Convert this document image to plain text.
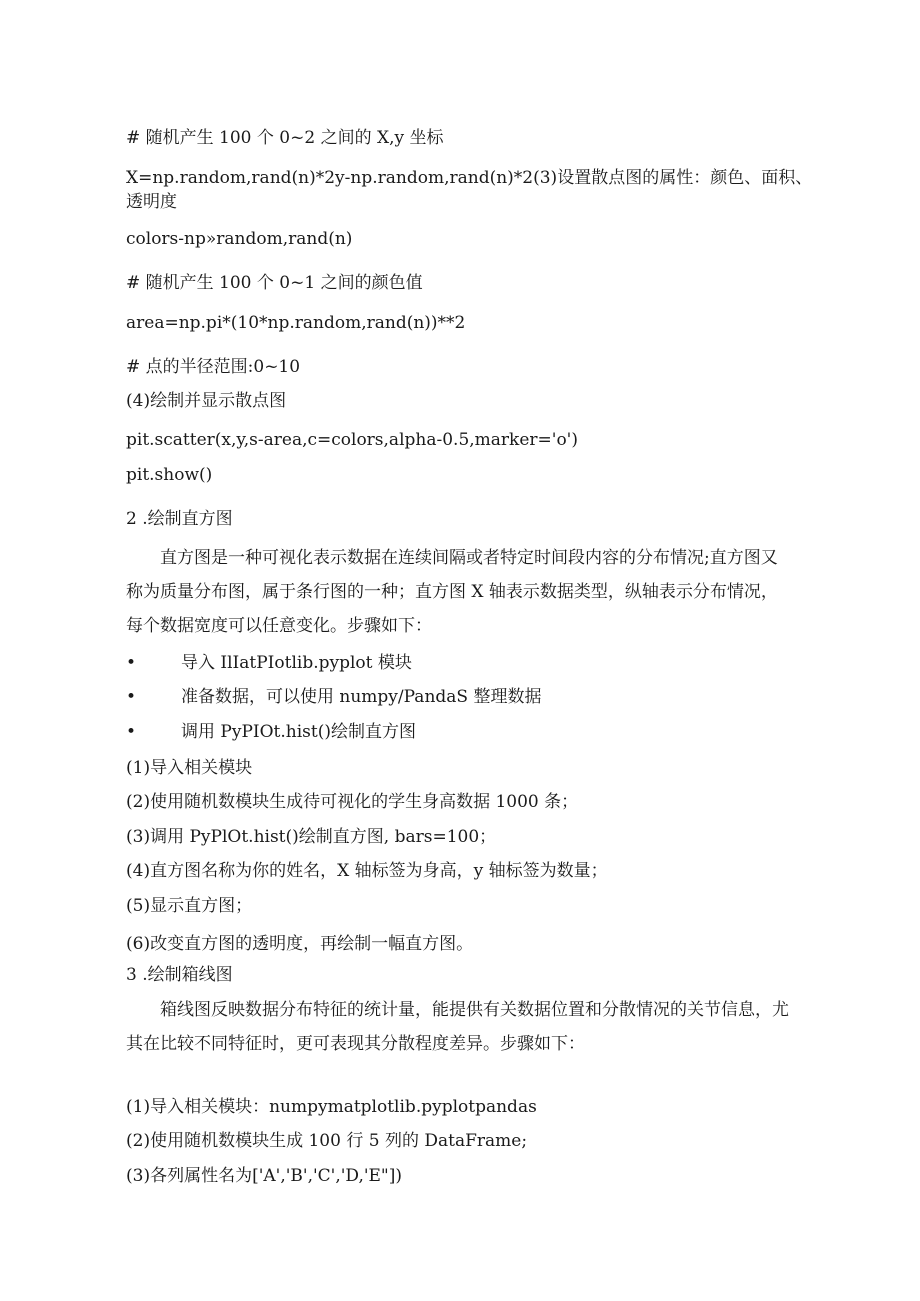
# 随机产生 100 个 0~2 之间的 X,y 坐标
X=np.random,rand(n)*2y-np.random,rand(n)*2(3)设置散点图的属性：颜色、面积、
透明度
colors-np»random,rand(n)
# 随机产生 100 个 0~1 之间的颜色值
area=np.pi*(10*np.random,rand(n))**2
# 点的半径范围:0~10
(4)绘制并显示散点图
pit.scatter(x,y,s-area,c=colors,alpha-0.5,marker='o')
pit.show()
2 .绘制直方图
直方图是一种可视化表示数据在连续间隔或者特定时间段内容的分布情况;直方图又称为质量分布图，属于条行图的一种；直方图 X 轴表示数据类型，纵轴表示分布情况，每个数据宽度可以任意变化。步骤如下：
•	导入 IlIatPIotlib.pyplot 模块
•	准备数据，可以使用 numpy∕PandaS 整理数据
•	调用 PyPIOt.hist()绘制直方图
(1)导入相关模块
(2)使用随机数模块生成待可视化的学生身高数据 1000 条；
(3)调用 PyPlOt.hist()绘制直方图, bars=100；
(4)直方图名称为你的姓名，X 轴标签为身高，y 轴标签为数量；
(5)显示直方图；
(6)改变直方图的透明度，再绘制一幅直方图。
3 .绘制箱线图
箱线图反映数据分布特征的统计量，能提供有关数据位置和分散情况的关节信息，尤其在比较不同特征时，更可表现其分散程度差异。步骤如下：
(1)导入相关模块：numpymatplotlib.pyplotpandas
(2)使用随机数模块生成 100 行 5 列的 DataFrame;
(3)各列属性名为['A','B','C','D,'E"])
